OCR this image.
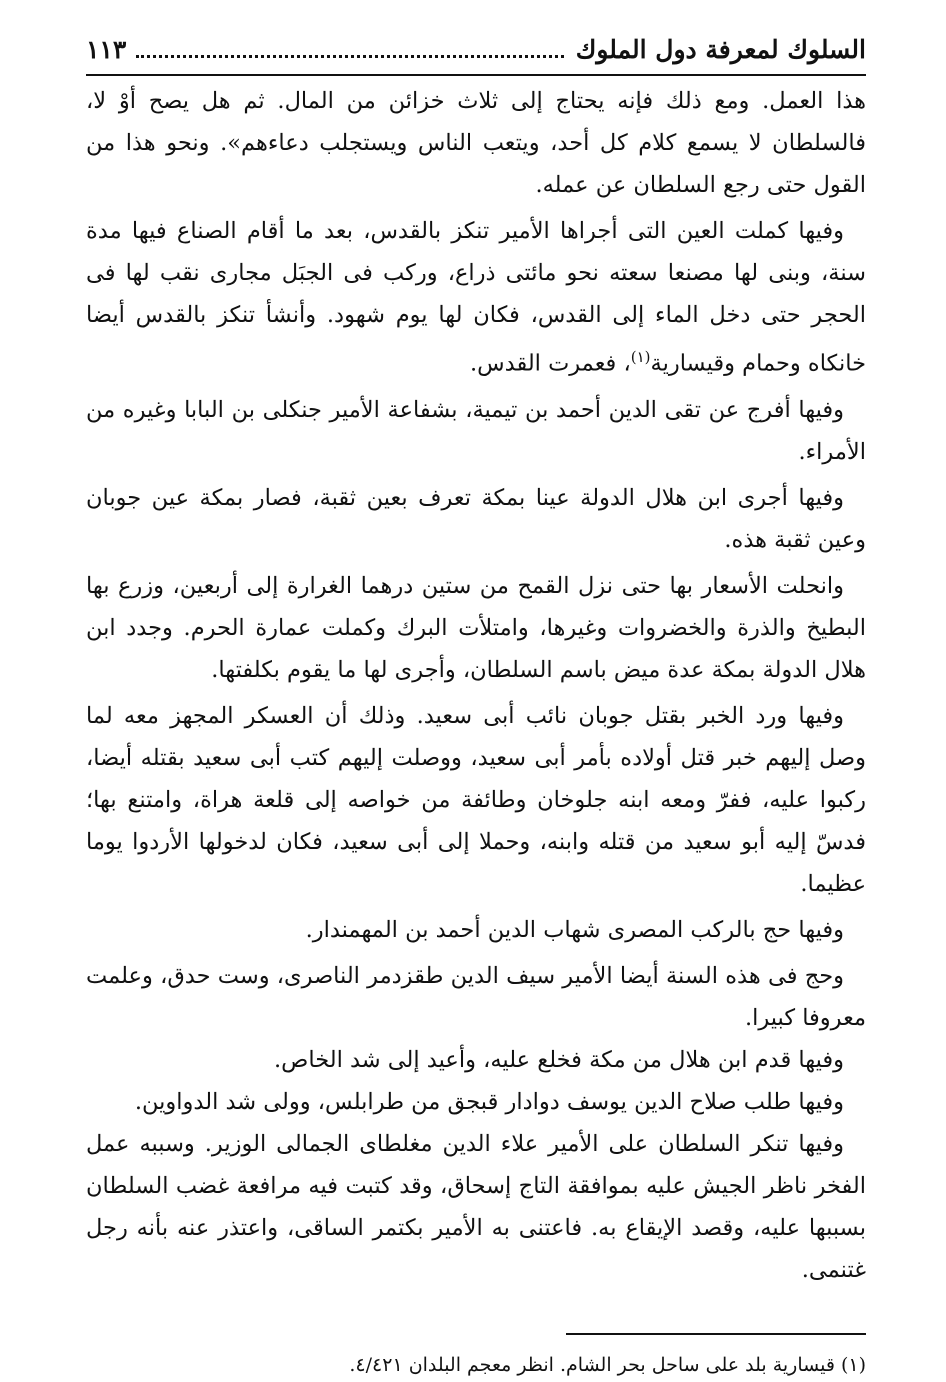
السلوك لمعرفة دول الملوك
١١٣

هذا العمل. ومع ذلك فإنه يحتاج إلى ثلاث خزائن من المال. ثم هل يصح أوْ لا، فالسلطان لا يسمع كلام كل أحد، ويتعب الناس ويستجلب دعاءهم». ونحو هذا من القول حتى رجع السلطان عن عمله.

وفيها كملت العين التى أجراها الأمير تنكز بالقدس، بعد ما أقام الصناع فيها مدة سنة، وبنى لها مصنعا سعته نحو مائتى ذراع، وركب فى الجبَل مجارى نقب لها فى الحجر حتى دخل الماء إلى القدس، فكان لها يوم شهود. وأنشأ تنكز بالقدس أيضا خانكاه وحمام وقيسارية$^{(١)}$، فعمرت القدس.

وفيها أفرج عن تقى الدين أحمد بن تيمية، بشفاعة الأمير جنكلى بن البابا وغيره من الأمراء.

وفيها أجرى ابن هلال الدولة عينا بمكة تعرف بعين ثقبة، فصار بمكة عين جوبان وعين ثقبة هذه.

وانحلت الأسعار بها حتى نزل القمح من ستين درهما الغرارة إلى أربعين، وزرع بها البطيخ والذرة والخضروات وغيرها، وامتلأت البرك وكملت عمارة الحرم. وجدد ابن هلال الدولة بمكة عدة ميض باسم السلطان، وأجرى لها ما يقوم بكلفتها.

وفيها ورد الخبر بقتل جوبان نائب أبى سعيد. وذلك أن العسكر المجهز معه لما وصل إليهم خبر قتل أولاده بأمر أبى سعيد، ووصلت إليهم كتب أبى سعيد بقتله أيضا، ركبوا عليه، ففرّ ومعه ابنه جلوخان وطائفة من خواصه إلى قلعة هراة، وامتنع بها؛ فدسّ إليه أبو سعيد من قتله وابنه، وحملا إلى أبى سعيد، فكان لدخولها الأردوا يوما عظيما.

وفيها حج بالركب المصرى شهاب الدين أحمد بن المهمندار.

وحج فى هذه السنة أيضا الأمير سيف الدين طقزدمر الناصرى، وست حدق، وعلمت معروفا كبيرا.

وفيها قدم ابن هلال من مكة فخلع عليه، وأعيد إلى شد الخاص.

وفيها طلب صلاح الدين يوسف دوادار قبجق من طرابلس، وولى شد الدواوين.

وفيها تنكر السلطان على الأمير علاء الدين مغلطاى الجمالى الوزير. وسببه عمل الفخر ناظر الجيش عليه بموافقة التاج إسحاق، وقد كتبت فيه مرافعة غضب السلطان بسببها عليه، وقصد الإيقاع به. فاعتنى به الأمير بكتمر الساقى، واعتذر عنه بأنه رجل غتنمى.

(١) قيسارية بلد على ساحل بحر الشام. انظر معجم البلدان ٤/٤٢١.
